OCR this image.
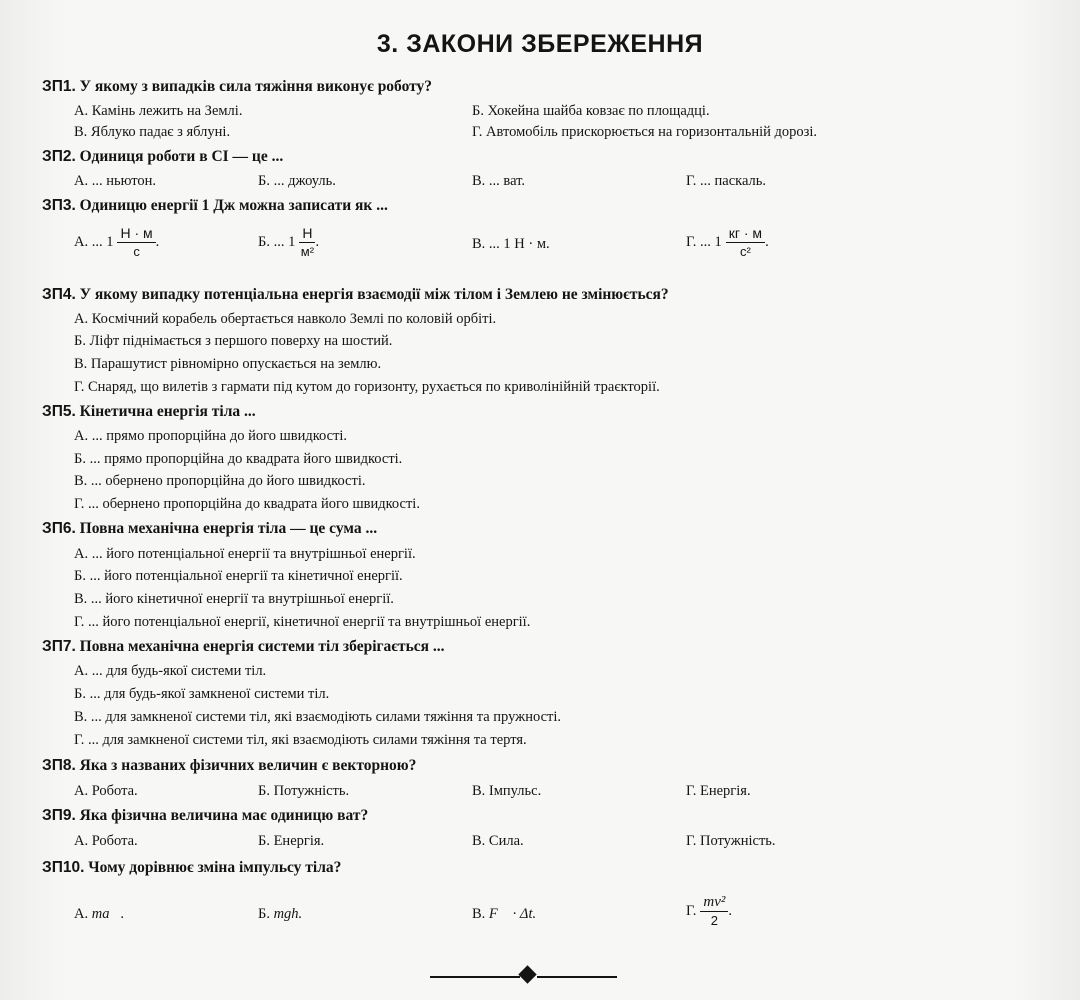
3. ЗАКОНИ ЗБЕРЕЖЕННЯ
ЗП1. У якому з випадків сила тяжіння виконує роботу?
А. Камінь лежить на Землі.	Б. Хокейна шайба ковзає по площадці.
В. Яблуко падає з яблуні.	Г. Автомобіль прискорюється на горизонтальній дорозі.
ЗП2. Одиниця роботи в СІ — це ...
А. ... ньютон.	Б. ... джоуль.	В. ... ват.	Г. ... паскаль.
ЗП3. Одиницю енергії 1 Дж можна записати як ...
А. ... $1 \frac{Н \cdot м}{с}$ .	Б. ... $1 \frac{Н}{\text{м²}}$ .	В. ... 1 Н · м.	Г. ... $1 \frac{кг \cdot м}{\text{с²}}$ .
ЗП4. У якому випадку потенціальна енергія взаємодії між тілом і Землею не змінюється?
А. Космічний корабель обертається навколо Землі по коловій орбіті.
Б. Ліфт піднімається з першого поверху на шостий.
В. Парашутист рівномірно опускається на землю.
Г. Снаряд, що вилетів з гармати під кутом до горизонту, рухається по криволінійній траєкторії.
ЗП5. Кінетична енергія тіла ...
А. ... прямо пропорційна до його швидкості.
Б. ... прямо пропорційна до квадрата його швидкості.
В. ... обернено пропорційна до його швидкості.
Г. ... обернено пропорційна до квадрата його швидкості.
ЗП6. Повна механічна енергія тіла — це сума ...
А. ... його потенціальної енергії та внутрішньої енергії.
Б. ... його потенціальної енергії та кінетичної енергії.
В. ... його кінетичної енергії та внутрішньої енергії.
Г. ... його потенціальної енергії, кінетичної енергії та внутрішньої енергії.
ЗП7. Повна механічна енергія системи тіл зберігається ...
А. ... для будь-якої системи тіл.
Б. ... для будь-якої замкненої системи тіл.
В. ... для замкненої системи тіл, які взаємодіють силами тяжіння та пружності.
Г. ... для замкненої системи тіл, які взаємодіють силами тяжіння та тертя.
ЗП8. Яка з названих фізичних величин є векторною?
А. Робота.	Б. Потужність.	В. Імпульс.	Г. Енергія.
ЗП9. Яка фізична величина має одиницю ват?
А. Робота.	Б. Енергія.	В. Сила.	Г. Потужність.
ЗП10. Чому дорівнює зміна імпульсу тіла?
А. ma⃗.	Б. mgh.	В. F⃗ · Δt.	Г. $\frac{\text{mv²}}{2}$ .
